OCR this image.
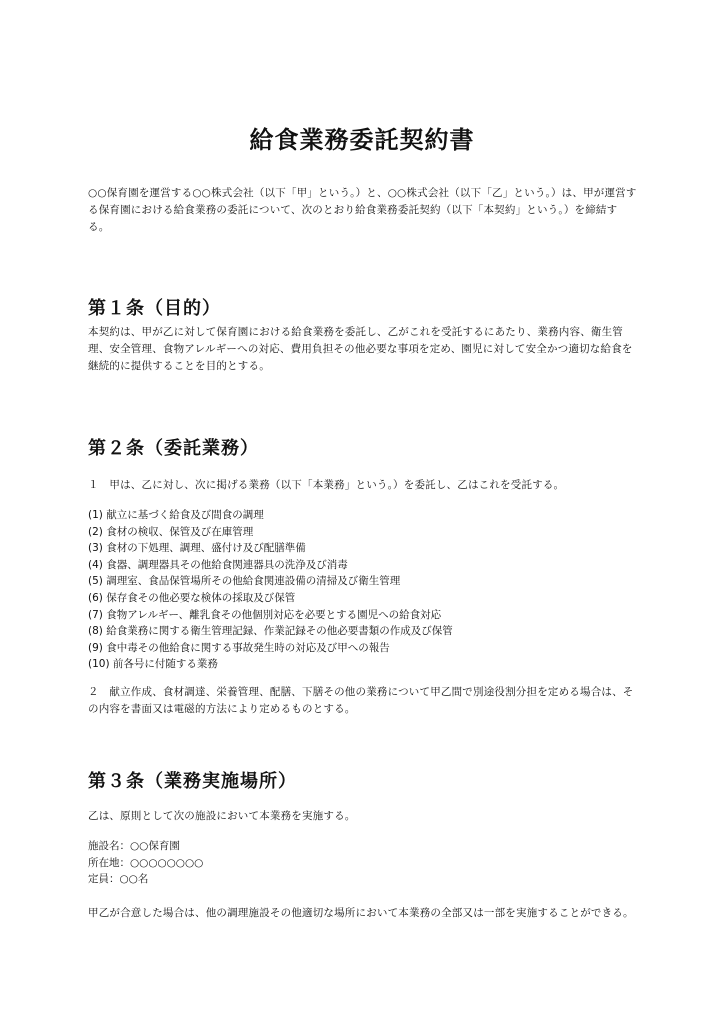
給食業務委託契約書
○○保育園を運営する○○株式会社（以下「甲」という。）と、○○株式会社（以下「乙」という。）は、甲が運営する保育園における給食業務の委託について、次のとおり給食業務委託契約（以下「本契約」という。）を締結する。
第１条（目的）
本契約は、甲が乙に対して保育園における給食業務を委託し、乙がこれを受託するにあたり、業務内容、衛生管理、安全管理、食物アレルギーへの対応、費用負担その他必要な事項を定め、園児に対して安全かつ適切な給食を継続的に提供することを目的とする。
第２条（委託業務）
１　甲は、乙に対し、次に掲げる業務（以下「本業務」という。）を委託し、乙はこれを受託する。
(1) 献立に基づく給食及び間食の調理
(2) 食材の検収、保管及び在庫管理
(3) 食材の下処理、調理、盛付け及び配膳準備
(4) 食器、調理器具その他給食関連器具の洗浄及び消毒
(5) 調理室、食品保管場所その他給食関連設備の清掃及び衛生管理
(6) 保存食その他必要な検体の採取及び保管
(7) 食物アレルギー、離乳食その他個別対応を必要とする園児への給食対応
(8) 給食業務に関する衛生管理記録、作業記録その他必要書類の作成及び保管
(9) 食中毒その他給食に関する事故発生時の対応及び甲への報告
(10) 前各号に付随する業務
２　献立作成、食材調達、栄養管理、配膳、下膳その他の業務について甲乙間で別途役割分担を定める場合は、その内容を書面又は電磁的方法により定めるものとする。
第３条（業務実施場所）
乙は、原則として次の施設において本業務を実施する。
施設名：○○保育園
所在地：○○○○○○○○
定員：○○名
甲乙が合意した場合は、他の調理施設その他適切な場所において本業務の全部又は一部を実施することができる。
